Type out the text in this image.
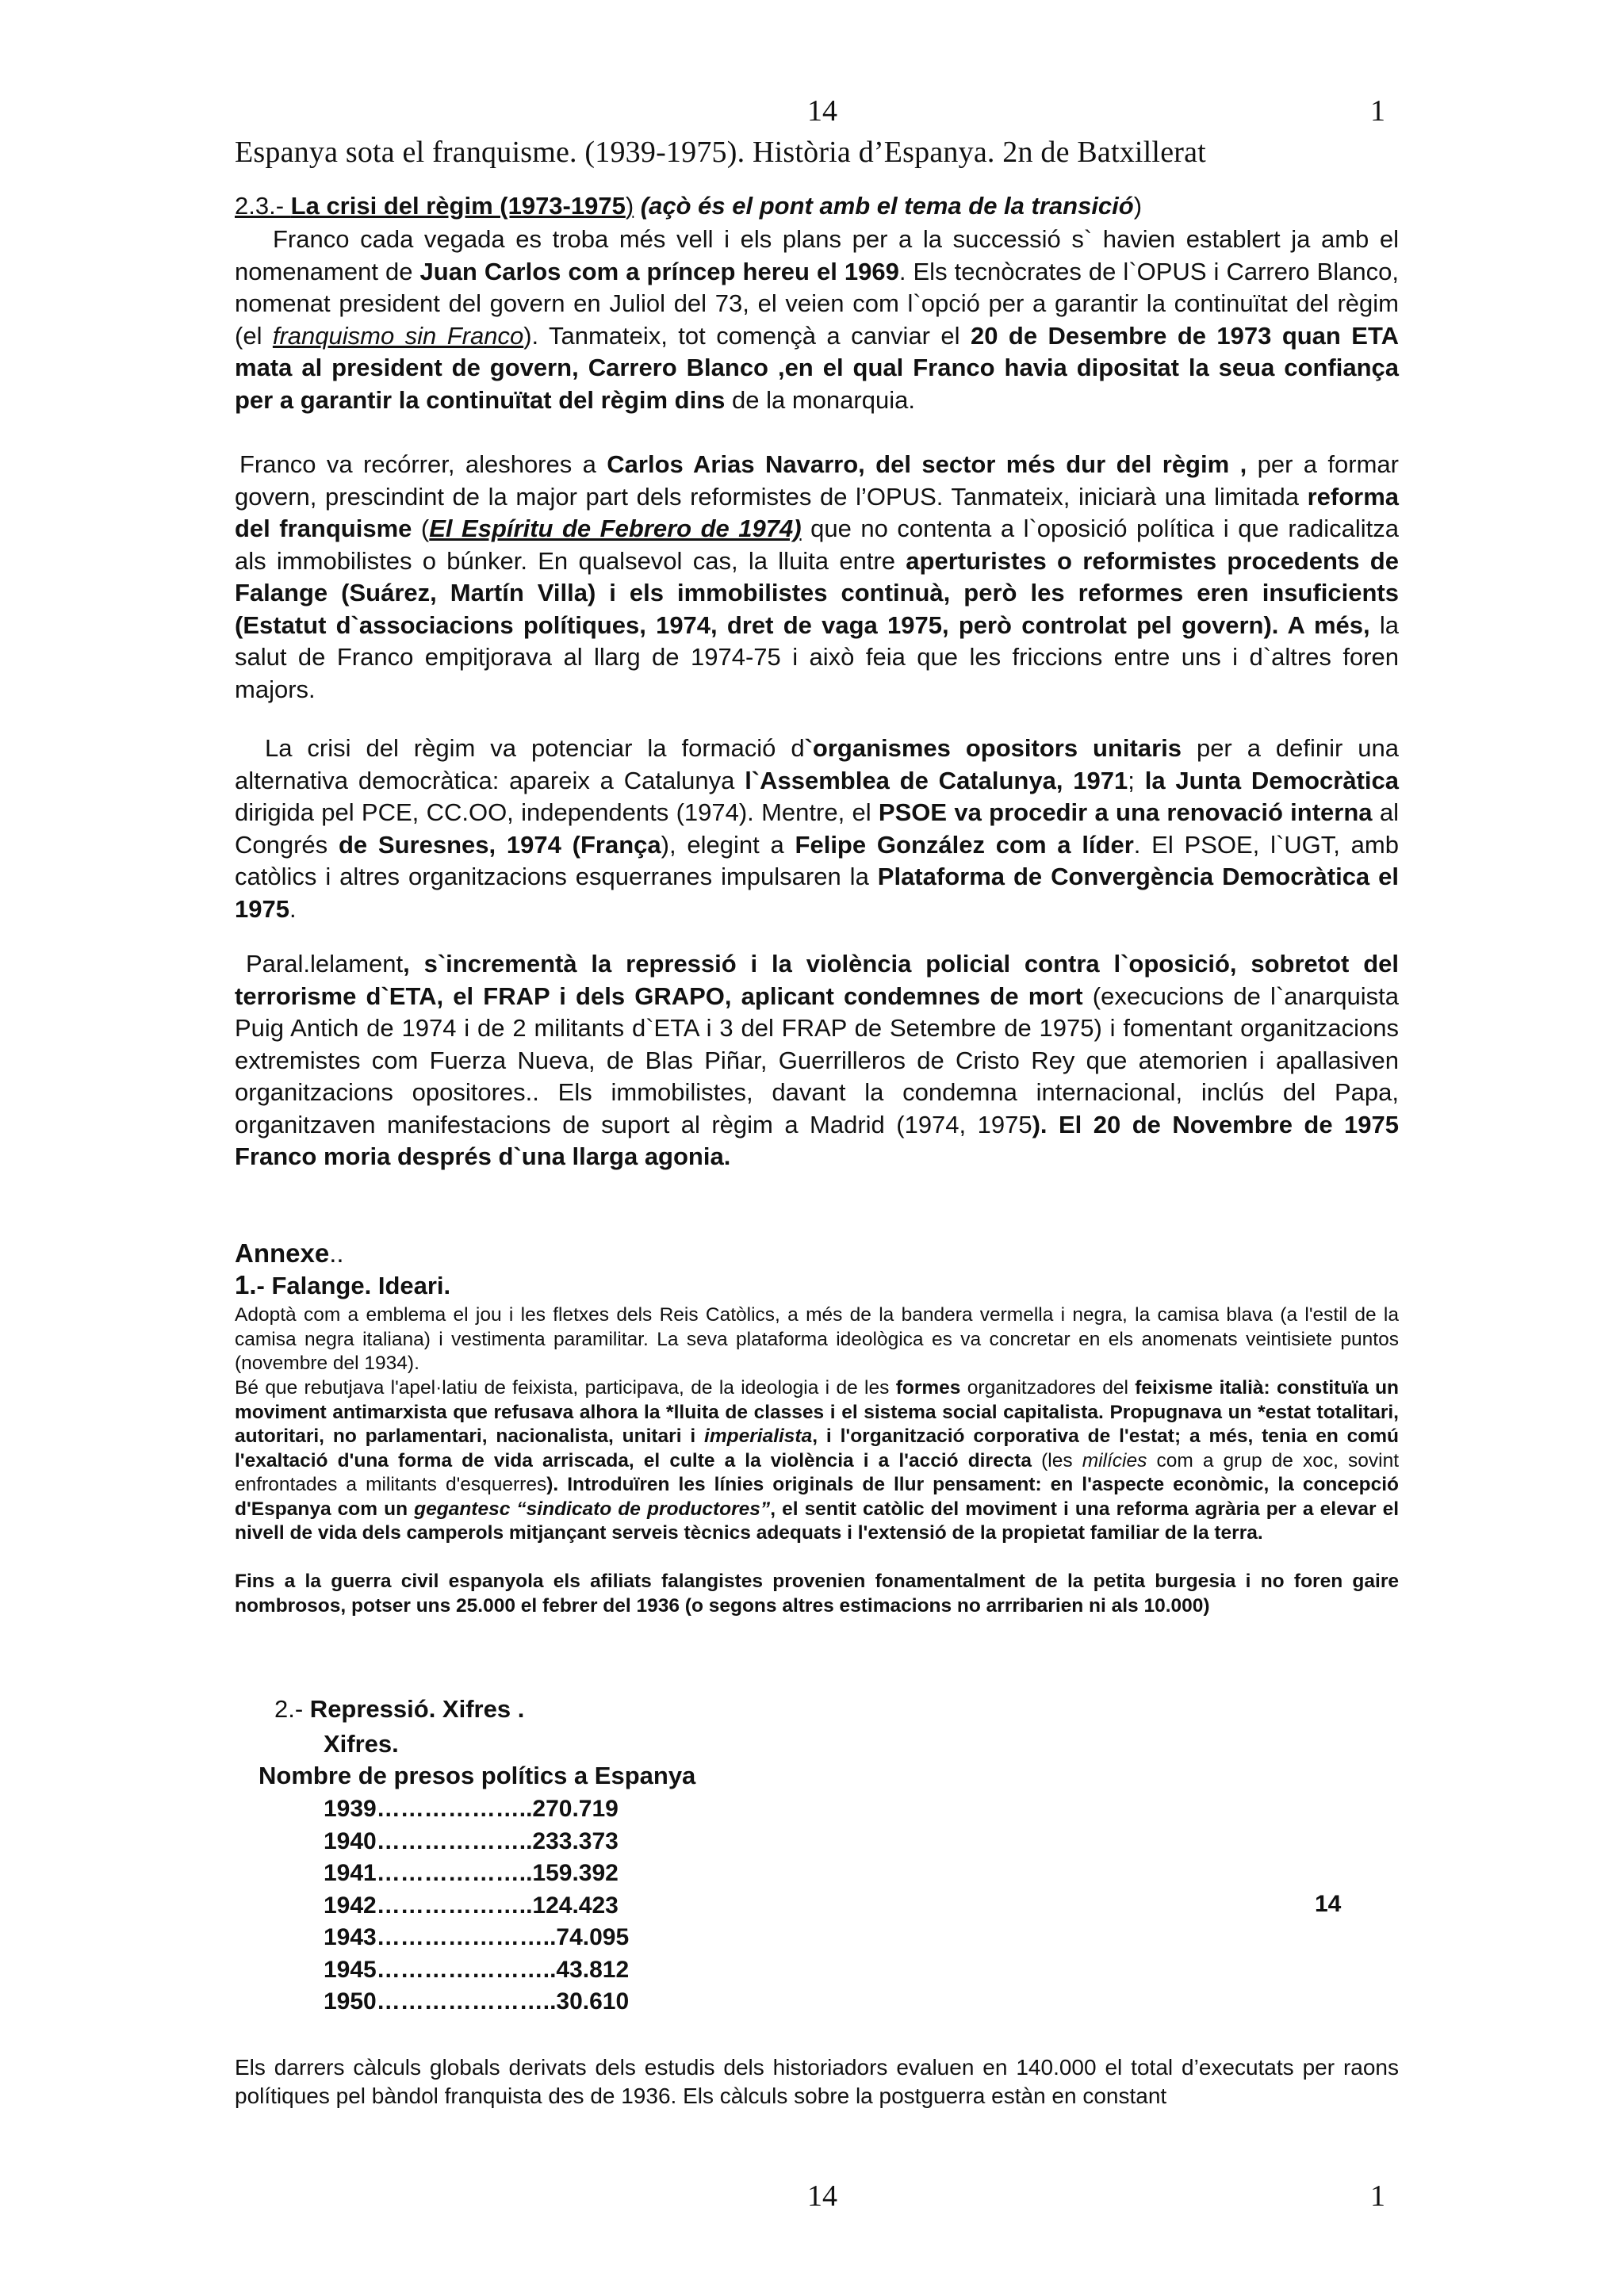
14	1
Espanya sota el franquisme. (1939-1975). Història d’Espanya. 2n de Batxillerat
2.3.- La crisi del règim (1973-1975) (açò és el pont amb el tema de la transició)
Franco cada vegada es troba més vell i els plans per a la successió s` havien establert ja amb el nomenament de Juan Carlos com a príncep hereu el 1969. Els tecnòcrates de l`OPUS i Carrero Blanco, nomenat president del govern en Juliol del 73, el veien com l`opció per a garantir la continuïtat del règim (el franquismo sin Franco). Tanmateix, tot començà a canviar el 20 de Desembre de 1973 quan ETA mata al president de govern, Carrero Blanco ,en el qual Franco havia dipositat la seua confiança per a garantir la continuïtat del règim dins de la monarquia.
Franco va recórrer, aleshores a Carlos Arias Navarro, del sector més dur del règim , per a formar govern, prescindint de la major part dels reformistes de l’OPUS. Tanmateix, iniciarà una limitada reforma del franquisme (El Espíritu de Febrero de 1974) que no contenta a l`oposició política i que radicalitza als immobilistes o búnker. En qualsevol cas, la lluita entre aperturistes o reformistes procedents de Falange (Suárez, Martín Villa) i els immobilistes continuà, però les reformes eren insuficients (Estatut d`associacions polítiques, 1974, dret de vaga 1975, però controlat pel govern). A més, la salut de Franco empitjorava al llarg de 1974-75 i això feia que les friccions entre uns i d`altres foren majors.
La crisi del règim va potenciar la formació d`organismes opositors unitaris per a definir una alternativa democràtica: apareix a Catalunya l`Assemblea de Catalunya, 1971; la Junta Democràtica dirigida pel PCE, CC.OO, independents (1974). Mentre, el PSOE va procedir a una renovació interna al Congrés de Suresnes, 1974 (França), elegint a Felipe González com a líder. El PSOE, l`UGT, amb catòlics i altres organitzacions esquerranes impulsaren la Plataforma de Convergència Democràtica el 1975.
Paral.lelament, s`incrementà la repressió i la violència policial contra l`oposició, sobretot del terrorisme d`ETA, el FRAP i dels GRAPO, aplicant condemnes de mort (execucions de l`anarquista Puig Antich de 1974 i de 2 militants d`ETA i 3 del FRAP de Setembre de 1975) i fomentant organitzacions extremistes com Fuerza Nueva, de Blas Piñar, Guerrilleros de Cristo Rey que atemorien i apallasiven organitzacions opositores.. Els immobilistes, davant la condemna internacional, inclús del Papa, organitzaven manifestacions de suport al règim a Madrid (1974, 1975). El 20 de Novembre de 1975 Franco moria després d`una llarga agonia.
Annexe..
1.- Falange. Ideari.
Adoptà com a emblema el jou i les fletxes dels Reis Catòlics, a més de la bandera vermella i negra, la camisa blava (a l'estil de la camisa negra italiana) i vestimenta paramilitar. La seva plataforma ideològica es va concretar en els anomenats veintisiete puntos (novembre del 1934).
Bé que rebutjava l'apel·latiu de feixista, participava, de la ideologia i de les formes organitzadores del feixisme italià: constituïa un moviment antimarxista que refusava alhora la *lluita de classes i el sistema social capitalista. Propugnava un *estat totalitari, autoritari, no parlamentari, nacionalista, unitari i imperialista, i l'organització corporativa de l'estat; a més, tenia en comú l'exaltació d'una forma de vida arriscada, el culte a la violència i a l'acció directa (les milícies com a grup de xoc, sovint enfrontades a militants d'esquerres). Introduïren les línies originals de llur pensament: en l'aspecte econòmic, la concepció d'Espanya com un gegantesc “sindicato de productores”, el sentit catòlic del moviment i una reforma agrària per a elevar el nivell de vida dels camperols mitjançant serveis tècnics adequats i l'extensió de la propietat familiar de la terra.
Fins a la guerra civil espanyola els afiliats falangistes provenien fonamentalment de la petita burgesia i no foren gaire nombrosos, potser uns 25.000 el febrer del 1936 (o segons altres estimacions no arrribarien ni als 10.000)
2.- Repressió. Xifres .
Xifres.
Nombre de presos polítics a Espanya
1939………………..270.719
1940………………..233.373
1941………………..159.392
1942………………..124.423
1943…………………..74.095
1945…………………..43.812
1950…………………..30.610
14
Els darrers càlculs globals derivats dels estudis dels historiadors evaluen en 140.000 el total d’executats per raons polítiques pel bàndol franquista des de 1936. Els càlculs sobre la postguerra estàn en constant
14	1
